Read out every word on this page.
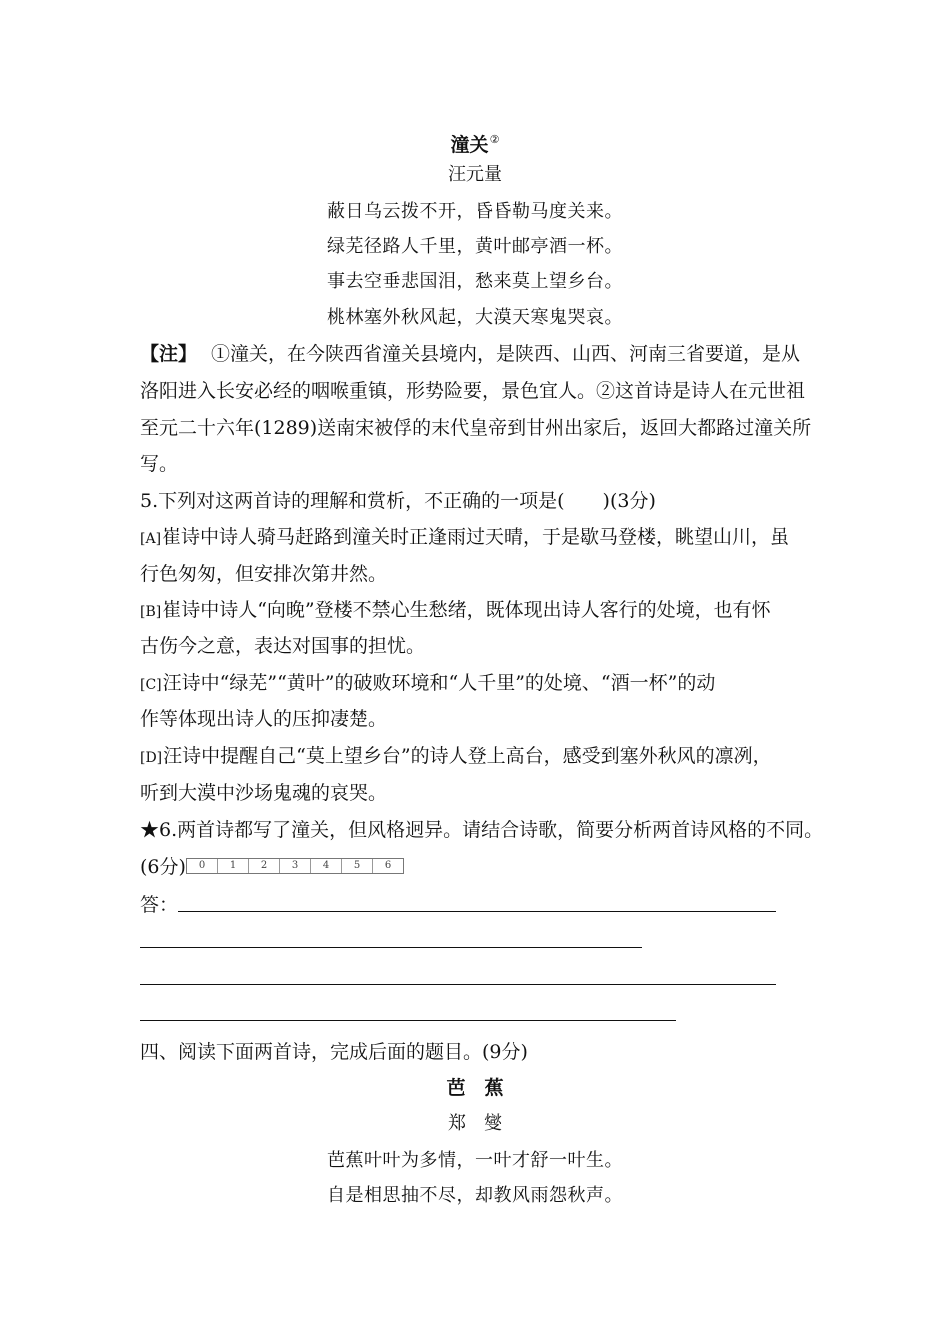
潼关②
汪元量
蔽日乌云拨不开，昏昏勒马度关来。
绿芜径路人千里，黄叶邮亭酒一杯。
事去空垂悲国泪，愁来莫上望乡台。
桃林塞外秋风起，大漠天寒鬼哭哀。
【注】 ①潼关，在今陕西省潼关县境内，是陕西、山西、河南三省要道，是从
洛阳进入长安必经的咽喉重镇，形势险要，景色宜人。②这首诗是诗人在元世祖
至元二十六年(1289)送南宋被俘的末代皇帝到甘州出家后，返回大都路过潼关所
写。
5.下列对这两首诗的理解和赏析，不正确的一项是(　　)(3分)
[A]崔诗中诗人骑马赶路到潼关时正逢雨过天晴，于是歇马登楼，眺望山川，虽
行色匆匆，但安排次第井然。
[B]崔诗中诗人“向晚”登楼不禁心生愁绪，既体现出诗人客行的处境，也有怀
古伤今之意，表达对国事的担忧。
[C]汪诗中“绿芜”“黄叶”的破败环境和“人千里”的处境、“酒一杯”的动
作等体现出诗人的压抑凄楚。
[D]汪诗中提醒自己“莫上望乡台”的诗人登上高台，感受到塞外秋风的凛冽，
听到大漠中沙场鬼魂的哀哭。
★6.两首诗都写了潼关，但风格迥异。请结合诗歌，简要分析两首诗风格的不同。
(6分)	0	1	2	3	4	5	6
答：
四、阅读下面两首诗，完成后面的题目。(9分)
芭　蕉
郑　燮
芭蕉叶叶为多情，一叶才舒一叶生。
自是相思抽不尽，却教风雨怨秋声。
